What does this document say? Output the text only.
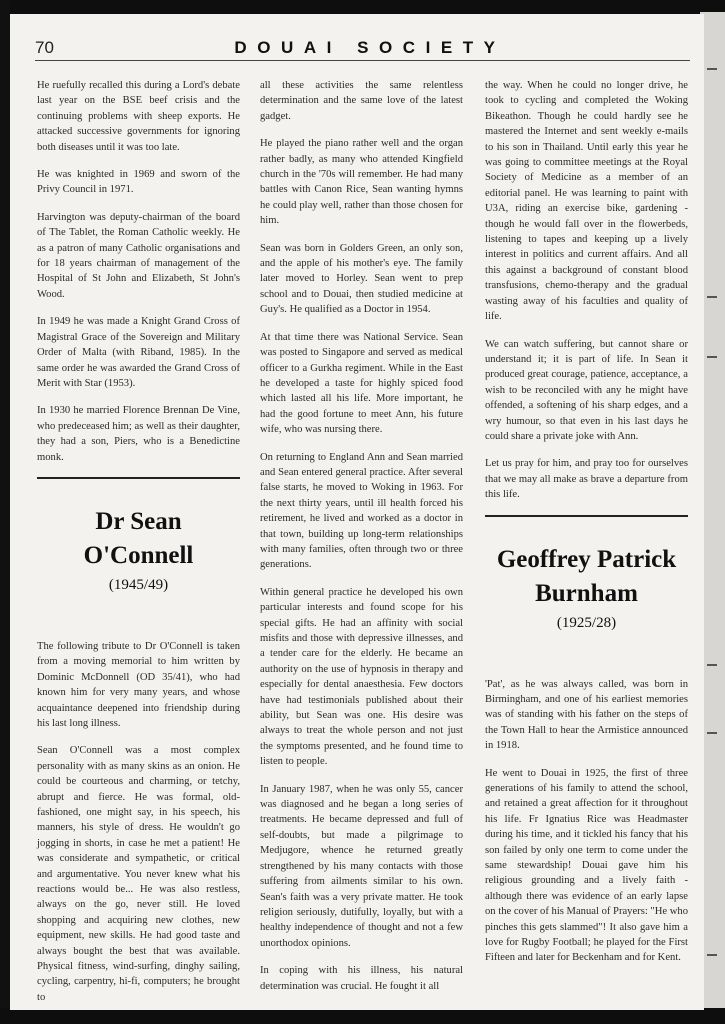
70	DOUAI SOCIETY

He ruefully recalled this during a Lord's debate last year on the BSE beef crisis and the continuing problems with sheep exports. He attacked successive governments for ignoring both diseases until it was too late.

He was knighted in 1969 and sworn of the Privy Council in 1971.

Harvington was deputy-chairman of the board of The Tablet, the Roman Catholic weekly. He as a patron of many Catholic organisations and for 18 years chairman of management of the Hospital of St John and Elizabeth, St John's Wood.

In 1949 he was made a Knight Grand Cross of Magistral Grace of the Sovereign and Military Order of Malta (with Riband, 1985). In the same order he was awarded the Grand Cross of Merit with Star (1953).

In 1930 he married Florence Brennan De Vine, who predeceased him; as well as their daughter, they had a son, Piers, who is a Benedictine monk.

Dr Sean
O'Connell
(1945/49)

The following tribute to Dr O'Connell is taken from a moving memorial to him written by Dominic McDonnell (OD 35/41), who had known him for very many years, and whose acquaintance deepened into friendship during his last long illness.

Sean O'Connell was a most complex personality with as many skins as an onion. He could be courteous and charming, or tetchy, abrupt and fierce. He was formal, old-fashioned, one might say, in his speech, his manners, his style of dress. He wouldn't go jogging in shorts, in case he met a patient! He was considerate and sympathetic, or critical and argumentative. You never knew what his reactions would be... He was also restless, always on the go, never still. He loved shopping and acquiring new clothes, new equipment, new skills. He had good taste and always bought the best that was available. Physical fitness, wind-surfing, dinghy sailing, cycling, carpentry, hi-fi, computers; he brought to

all these activities the same relentless determination and the same love of the latest gadget.

He played the piano rather well and the organ rather badly, as many who attended Kingfield church in the '70s will remember. He had many battles with Canon Rice, Sean wanting hymns he could play well, rather than those chosen for him.

Sean was born in Golders Green, an only son, and the apple of his mother's eye. The family later moved to Horley. Sean went to prep school and to Douai, then studied medicine at Guy's. He qualified as a Doctor in 1954.

At that time there was National Service. Sean was posted to Singapore and served as medical officer to a Gurkha regiment. While in the East he developed a taste for highly spiced food which lasted all his life. More important, he had the good fortune to meet Ann, his future wife, who was nursing there.

On returning to England Ann and Sean married and Sean entered general practice. After several false starts, he moved to Woking in 1963. For the next thirty years, until ill health forced his retirement, he lived and worked as a doctor in that town, building up long-term relationships with many families, often through two or three generations.

Within general practice he developed his own particular interests and found scope for his special gifts. He had an affinity with social misfits and those with depressive illnesses, and a tender care for the elderly. He became an authority on the use of hypnosis in therapy and especially for dental anaesthesia. Few doctors have had testimonials published about their ability, but Sean was one. His desire was always to treat the whole person and not just the symptoms presented, and he found time to listen to people.

In January 1987, when he was only 55, cancer was diagnosed and he began a long series of treatments. He became depressed and full of self-doubts, but made a pilgrimage to Medjugore, whence he returned greatly strengthened by his many contacts with those suffering from ailments similar to his own. Sean's faith was a very private matter. He took religion seriously, dutifully, loyally, but with a healthy independence of thought and not a few unorthodox opinions.

In coping with his illness, his natural determination was crucial. He fought it all

the way. When he could no longer drive, he took to cycling and completed the Woking Bikeathon. Though he could hardly see he mastered the Internet and sent weekly e-mails to his son in Thailand. Until early this year he was going to committee meetings at the Royal Society of Medicine as a member of an editorial panel. He was learning to paint with U3A, riding an exercise bike, gardening - though he would fall over in the flowerbeds, listening to tapes and keeping up a lively interest in politics and current affairs. And all this against a background of constant blood transfusions, chemo-therapy and the gradual wasting away of his faculties and quality of life.

We can watch suffering, but cannot share or understand it; it is part of life. In Sean it produced great courage, patience, acceptance, a wish to be reconciled with any he might have offended, a softening of his sharp edges, and a wry humour, so that even in his last days he could share a private joke with Ann.

Let us pray for him, and pray too for ourselves that we may all make as brave a departure from this life.

Geoffrey Patrick
Burnham
(1925/28)

'Pat', as he was always called, was born in Birmingham, and one of his earliest memories was of standing with his father on the steps of the Town Hall to hear the Armistice announced in 1918.

He went to Douai in 1925, the first of three generations of his family to attend the school, and retained a great affection for it throughout his life. Fr Ignatius Rice was Headmaster during his time, and it tickled his fancy that his son failed by only one term to come under the same stewardship! Douai gave him his religious grounding and a lively faith - although there was evidence of an early lapse on the cover of his Manual of Prayers: "He who pinches this gets slammed"! It also gave him a love for Rugby Football; he played for the First Fifteen and later for Beckenham and for Kent.
